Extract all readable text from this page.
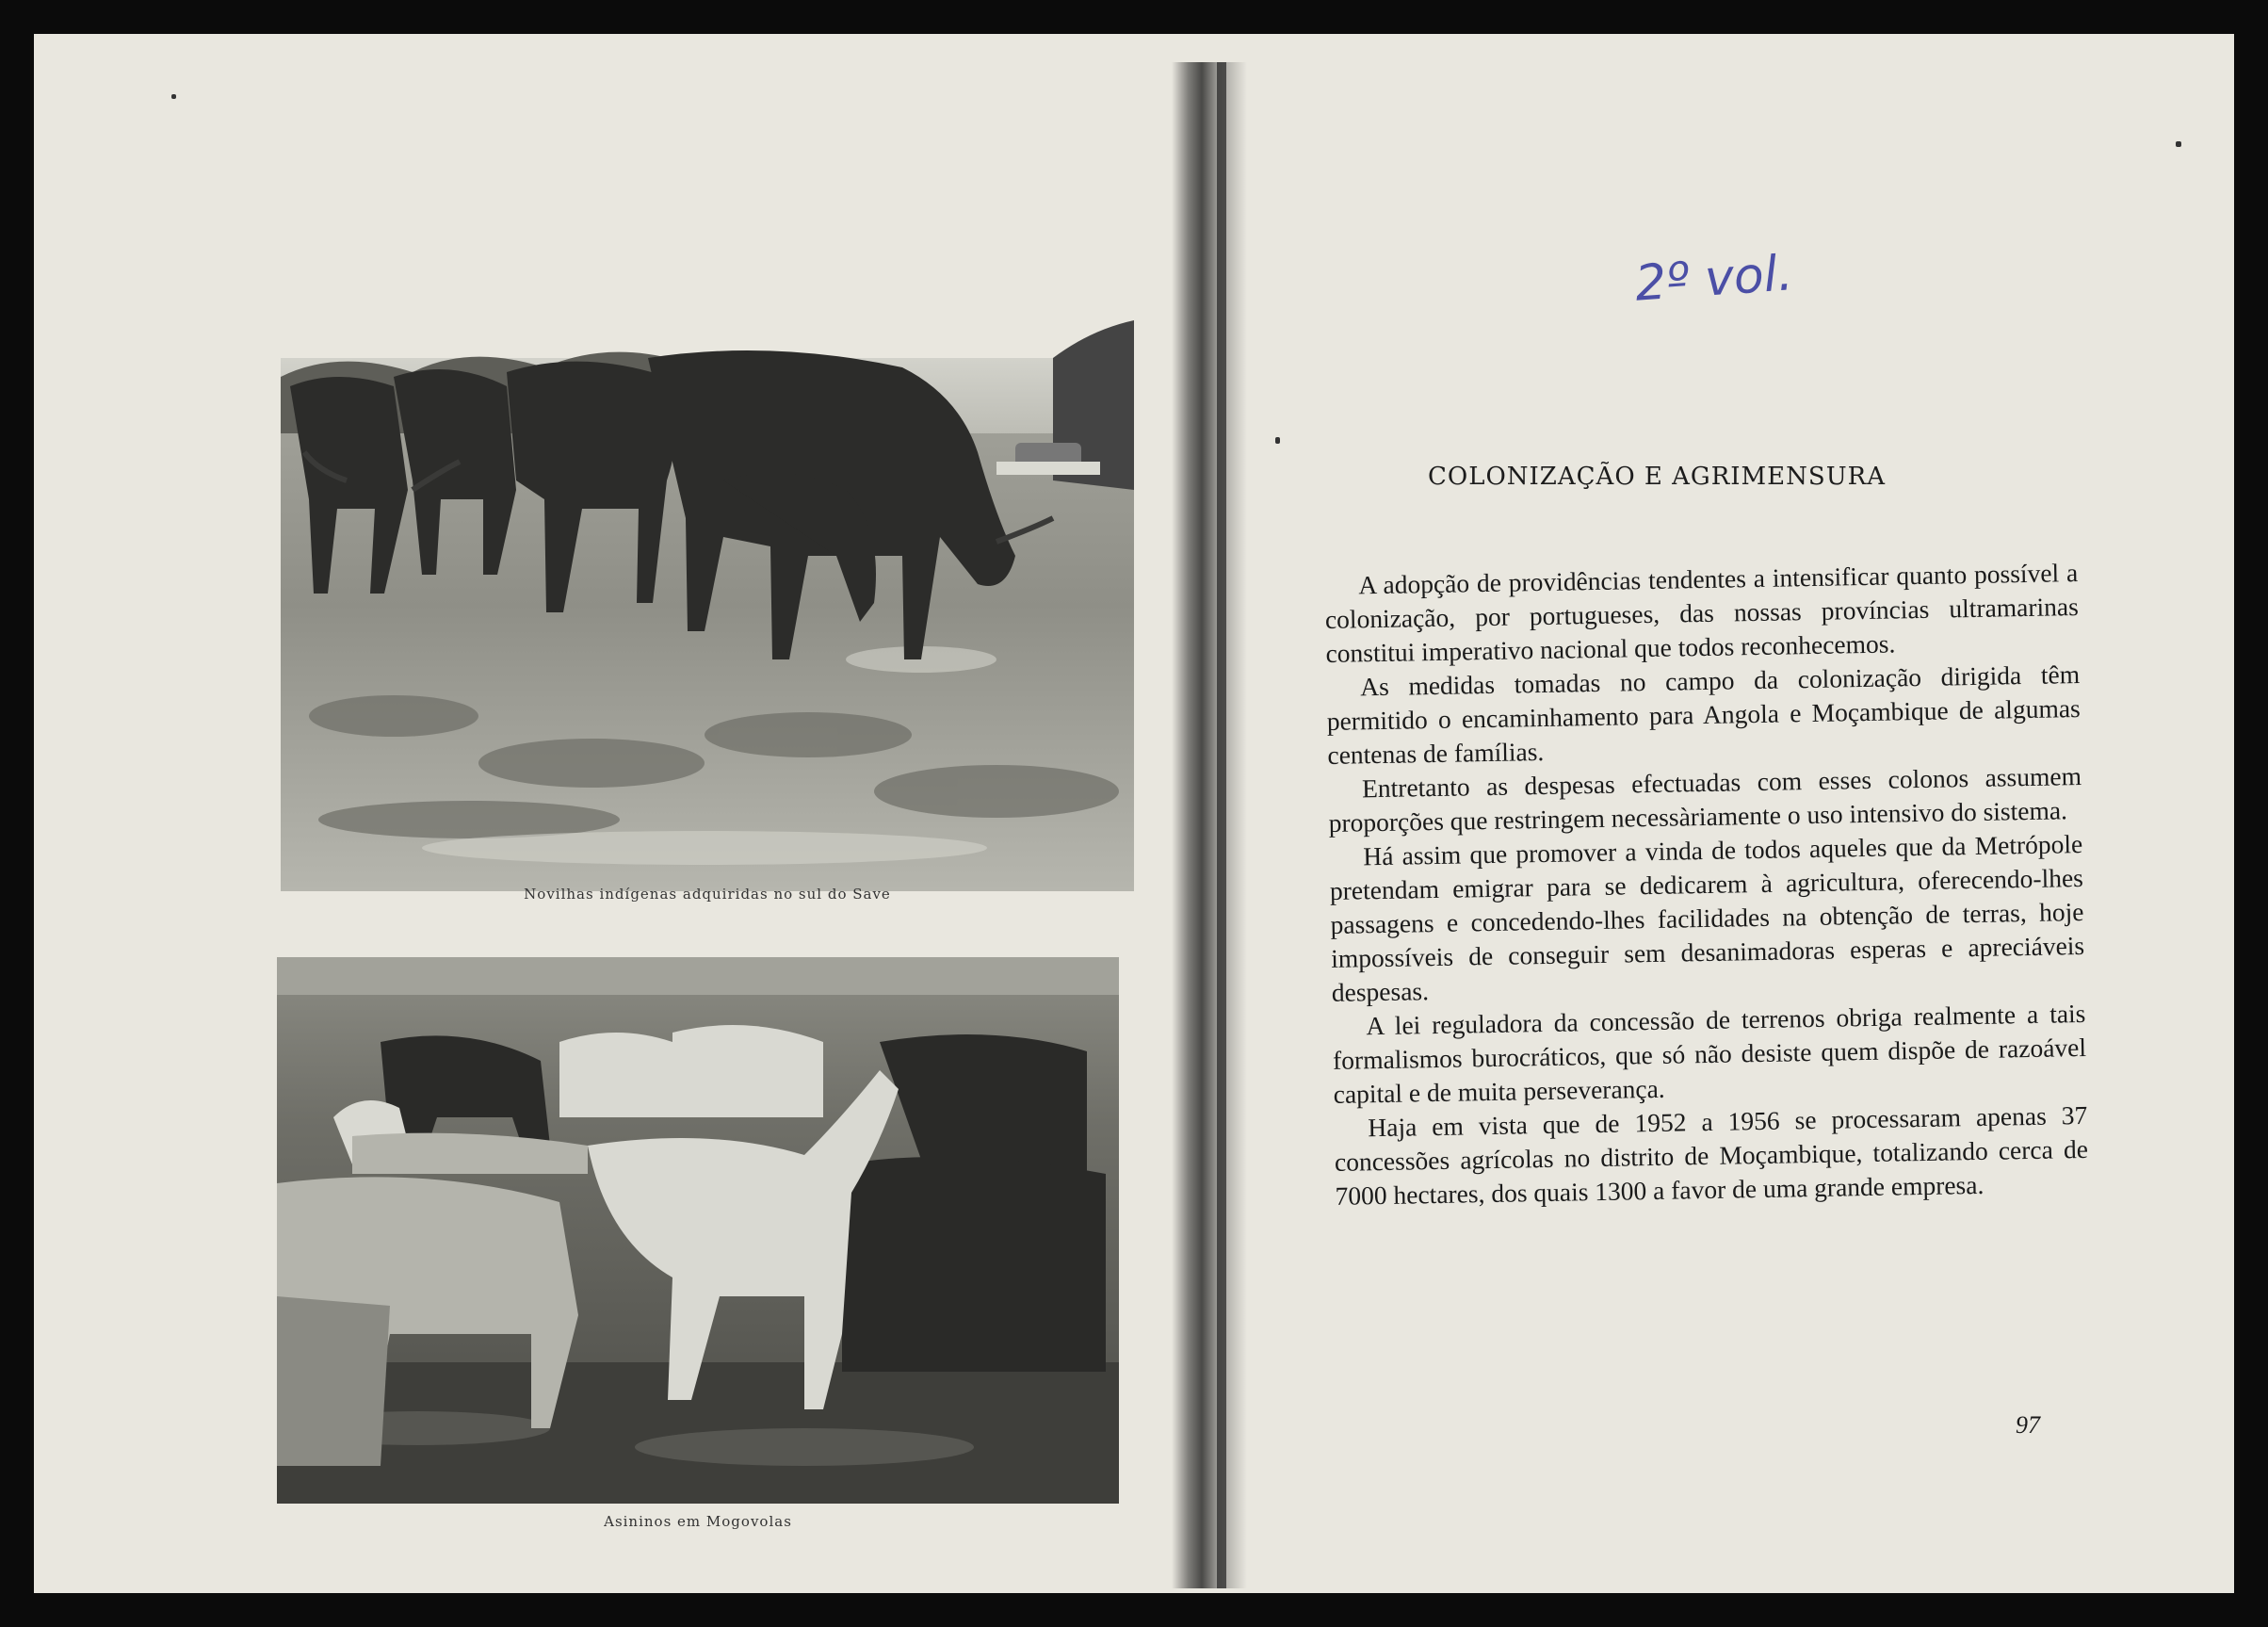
Novilhas indígenas adquiridas no sul do Save
Asininos em Mogovolas
2º vol.
COLONIZAÇÃO E AGRIMENSURA

A adopção de providências tendentes a intensificar quanto possível a colonização, por portugueses, das nossas províncias ultramarinas constitui imperativo nacional que todos reconhecemos.

As medidas tomadas no campo da colonização dirigida têm permitido o encaminhamento para Angola e Moçambique de algumas centenas de famílias.

Entretanto as despesas efectuadas com esses colonos assumem proporções que restringem necessàriamente o uso intensivo do sistema.

Há assim que promover a vinda de todos aqueles que da Metrópole pretendam emigrar para se dedicarem à agricultura, oferecendo-lhes passagens e concedendo-lhes facilidades na obtenção de terras, hoje impossíveis de conseguir sem desanimadoras esperas e apreciáveis despesas.

A lei reguladora da concessão de terrenos obriga realmente a tais formalismos burocráticos, que só não desiste quem dispõe de razoável capital e de muita perseverança.

Haja em vista que de 1952 a 1956 se processaram apenas 37 concessões agrícolas no distrito de Moçambique, totalizando cerca de 7000 hectares, dos quais 1300 a favor de uma grande empresa.

97
